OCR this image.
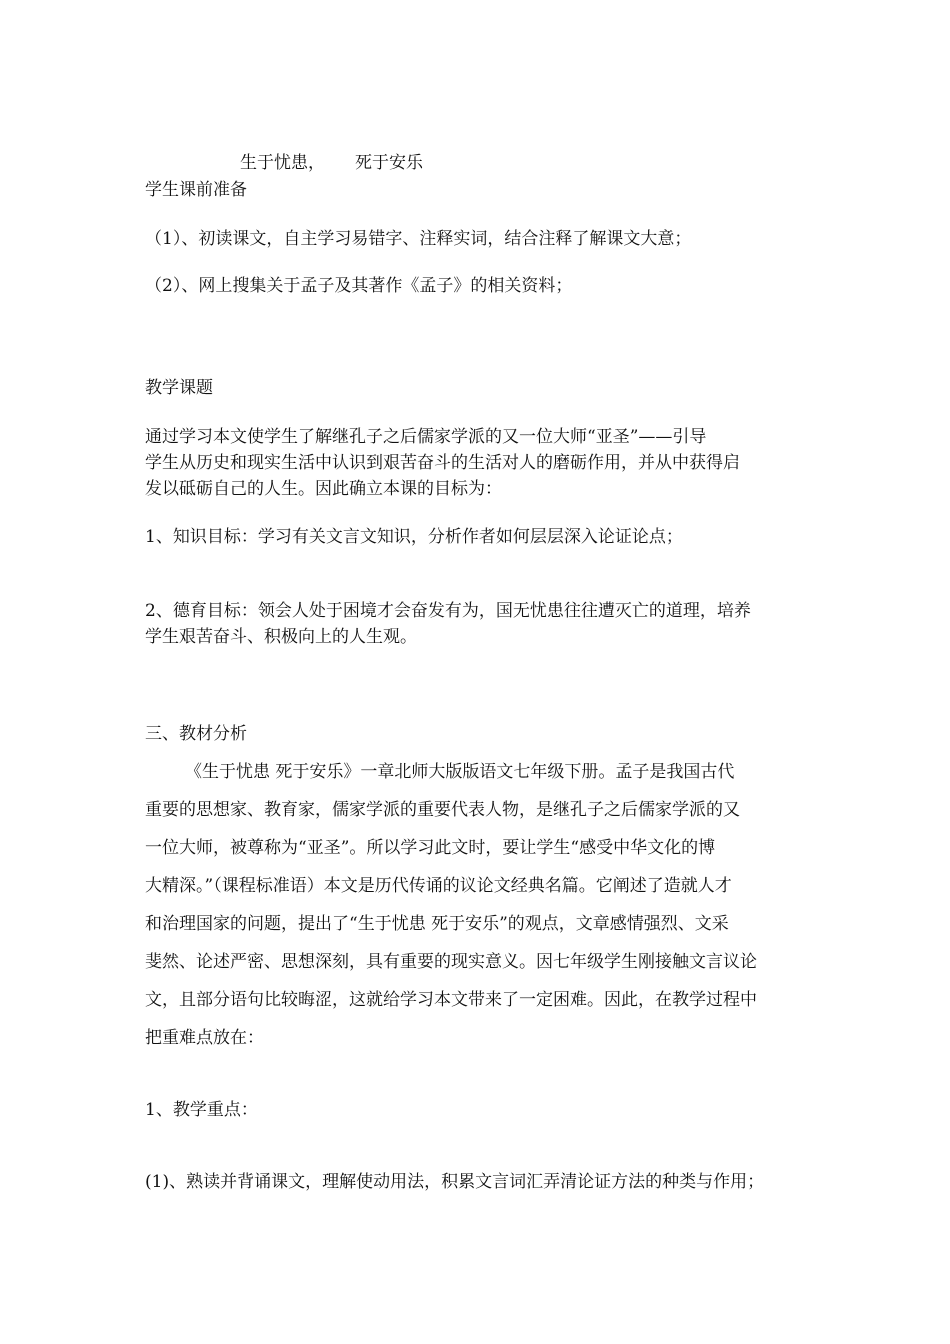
生于忧患， 死于安乐
学生课前准备
（1）、初读课文，自主学习易错字、注释实词，结合注释了解课文大意；
（2）、网上搜集关于孟子及其著作《孟子》的相关资料；
教学课题
通过学习本文使学生了解继孔子之后儒家学派的又一位大师“亚圣”——引导
学生从历史和现实生活中认识到艰苦奋斗的生活对人的磨砺作用，并从中获得启
发以砥砺自己的人生。因此确立本课的目标为：
1、知识目标：学习有关文言文知识，分析作者如何层层深入论证论点；
2、德育目标：领会人处于困境才会奋发有为，国无忧患往往遭灭亡的道理，培养
学生艰苦奋斗、积极向上的人生观。
三、教材分析
《生于忧患 死于安乐》一章北师大版版语文七年级下册。孟子是我国古代
重要的思想家、教育家，儒家学派的重要代表人物，是继孔子之后儒家学派的又
一位大师，被尊称为“亚圣”。所以学习此文时，要让学生“感受中华文化的博
大精深。”（课程标准语）本文是历代传诵的议论文经典名篇。它阐述了造就人才
和治理国家的问题，提出了“生于忧患 死于安乐”的观点，文章感情强烈、文采
斐然、论述严密、思想深刻，具有重要的现实意义。因七年级学生刚接触文言议论
文，且部分语句比较晦涩，这就给学习本文带来了一定困难。因此，在教学过程中
把重难点放在：
1、教学重点：
(1)、熟读并背诵课文，理解使动用法，积累文言词汇弄清论证方法的种类与作用；
